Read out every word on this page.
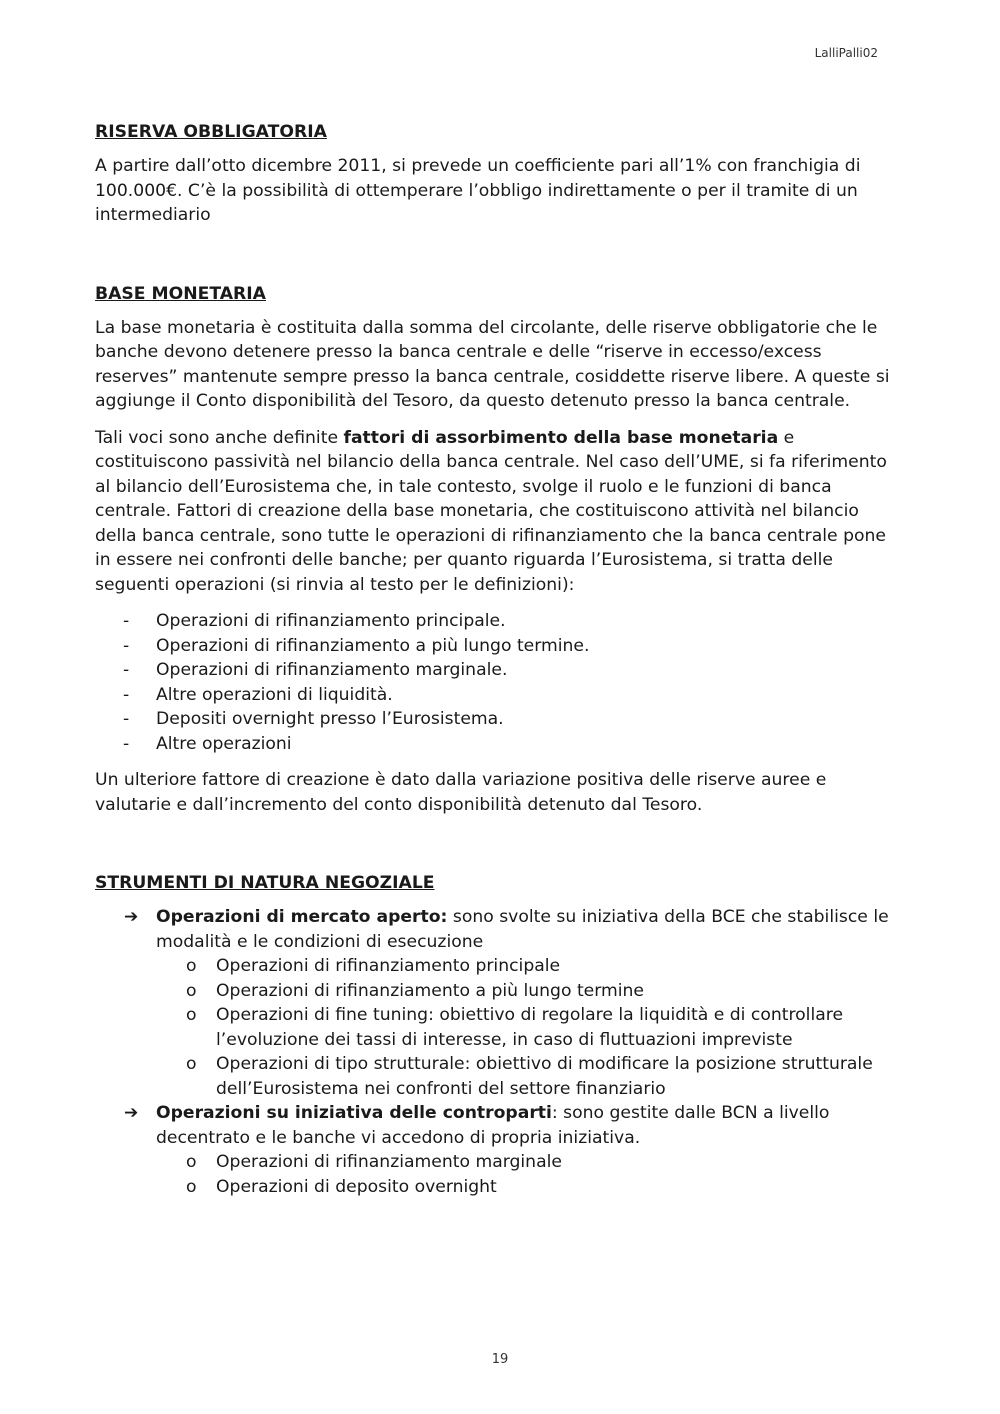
LalliPalli02
RISERVA OBBLIGATORIA

A partire dall’otto dicembre 2011, si prevede un coefficiente pari all’1% con franchigia di 100.000€. C’è la possibilità di ottemperare l’obbligo indirettamente o per il tramite di un intermediario

BASE MONETARIA

La base monetaria è costituita dalla somma del circolante, delle riserve obbligatorie che le banche devono detenere presso la banca centrale e delle “riserve in eccesso/excess reserves” mantenute sempre presso la banca centrale, cosiddette riserve libere. A queste si aggiunge il Conto disponibilità del Tesoro, da questo detenuto presso la banca centrale.

Tali voci sono anche definite fattori di assorbimento della base monetaria e costituiscono passività nel bilancio della banca centrale. Nel caso dell’UME, si fa riferimento al bilancio dell’Eurosistema che, in tale contesto, svolge il ruolo e le funzioni di banca centrale. Fattori di creazione della base monetaria, che costituiscono attività nel bilancio della banca centrale, sono tutte le operazioni di rifinanziamento che la banca centrale pone in essere nei confronti delle banche; per quanto riguarda l’Eurosistema, si tratta delle seguenti operazioni (si rinvia al testo per le definizioni):

- Operazioni di rifinanziamento principale.
- Operazioni di rifinanziamento a più lungo termine.
- Operazioni di rifinanziamento marginale.
- Altre operazioni di liquidità.
- Depositi overnight presso l’Eurosistema.
- Altre operazioni

Un ulteriore fattore di creazione è dato dalla variazione positiva delle riserve auree e valutarie e dall’incremento del conto disponibilità detenuto dal Tesoro.

STRUMENTI DI NATURA NEGOZIALE
➔ Operazioni di mercato aperto: sono svolte su iniziativa della BCE che stabilisce le modalità e le condizioni di esecuzione
o Operazioni di rifinanziamento principale
o Operazioni di rifinanziamento a più lungo termine
o Operazioni di fine tuning: obiettivo di regolare la liquidità e di controllare l’evoluzione dei tassi di interesse, in caso di fluttuazioni impreviste
o Operazioni di tipo strutturale: obiettivo di modificare la posizione strutturale dell’Eurosistema nei confronti del settore finanziario
➔ Operazioni su iniziativa delle controparti: sono gestite dalle BCN a livello decentrato e le banche vi accedono di propria iniziativa.
o Operazioni di rifinanziamento marginale
o Operazioni di deposito overnight
19
